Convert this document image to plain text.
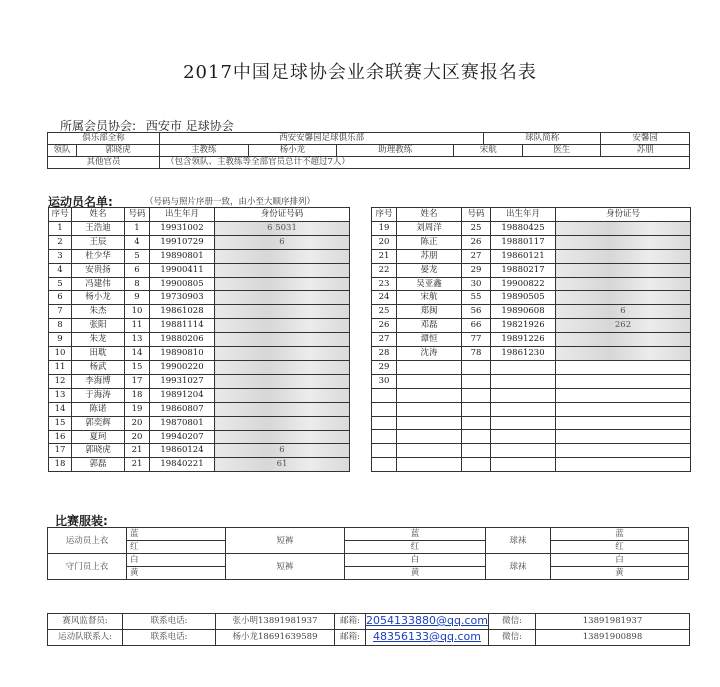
2017中国足球协会业余联赛大区赛报名表
所属会员协会: 西安市 足球协会
俱乐部全称		西安安馨园足球俱乐部				球队简称		安馨园
领队	郭晓虎	主教练	杨小龙	助理教练	宋航		医生	苏朋
其他官员		（包含领队、主教练等全部官员总计不超过7人）						
运动员名单:	（号码与照片序册一致，由小至大顺序排列）
序号	姓名	号码	出生年月	身份证号码
1	王浩迪	1	19931002	6 5031
2	王辰	4	19910729	6
3	杜少华	5	19890801	
4	安贵扬	6	19900411	
5	冯建伟	8	19900805	
6	杨小龙	9	19730903	
7	朱杰	10	19861028	
8	张阳	11	19881114	
9	朱龙	13	19880206	
10	田耽	14	19890810	
11	杨武	15	19900220	
12	李海博	17	19931027	
13	于海涛	18	19891204	
14	陈诺	19	19860807	
15	郭奕辉	20	19870801	
16	夏珂	20	19940207	
17	郭晓虎	21	19860124	6
18	郭磊	21	19840221	61
序号	姓名	号码	出生年月	身份证号
19	刘周洋	25	19880425	
20	陈正	26	19880117	
21	苏朋	27	19860121	
22	晏龙	29	19880217	
23	吴亚鑫	30	19900822	
24	宋航	55	19890505	
25	郑闽	56	19890608	6
26	邓磊	66	19821926	262
27	谭恒	77	19891226	
28	沈涛	78	19861230	
29				
30				

比赛服装:
运动员上衣	蓝	短裤	蓝	球袜	蓝
	红		红		红
守门员上衣	白	短裤	白	球袜	白
	黄		黄		黄
赛风监督员:	联系电话:	张小明13891981937	邮箱:	2054133880@qq.com	微信:	13891981937
运动队联系人:	联系电话:	杨小龙18691639589	邮箱:	48356133@qq.com	微信:	13891900898
